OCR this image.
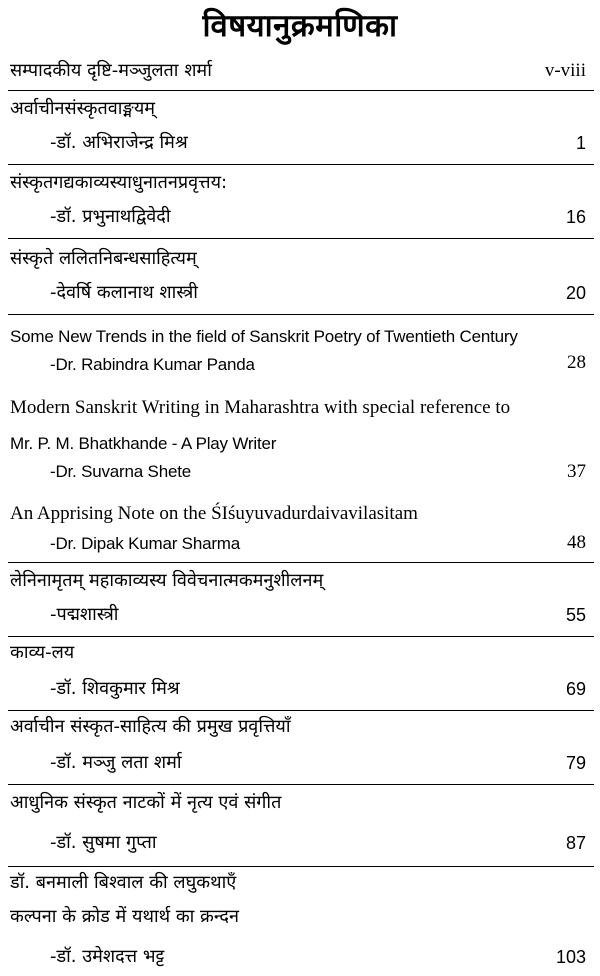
विषयानुक्रमणिका
सम्पादकीय दृष्टि-मञ्जुलता शर्मा	v-viii
अर्वाचीनसंस्कृतवाङ्मयम्
-डॉ. अभिराजेन्द्र मिश्र	1
संस्कृतगद्यकाव्यस्याधुनातनप्रवृत्तय:
-डॉ. प्रभुनाथद्विवेदी	16
संस्कृते ललितनिबन्धसाहित्यम्
-देवर्षि कलानाथ शास्त्री	20
Some New Trends in the field of Sanskrit Poetry of Twentieth Century
-Dr. Rabindra Kumar Panda	28
Modern Sanskrit Writing in Maharashtra with special reference to
Mr. P. M. Bhatkhande - A Play Writer
-Dr. Suvarna Shete	37
An Apprising Note on the ŚIśuyuvadurdaivavilasitam
-Dr. Dipak Kumar Sharma	48
लेनिनामृतम् महाकाव्यस्य विवेचनात्मकमनुशीलनम्
-पद्मशास्त्री	55
काव्य-लय
-डॉ. शिवकुमार मिश्र	69
अर्वाचीन संस्कृत-साहित्य की प्रमुख प्रवृत्तियाँ
-डॉ. मञ्जु लता शर्मा	79
आधुनिक संस्कृत नाटकों में नृत्य एवं संगीत
-डॉ. सुषमा गुप्ता	87
डॉ. बनमाली बिश्वाल की लघुकथाएँ
कल्पना के क्रोड में यथार्थ का क्रन्दन
-डॉ. उमेशदत्त भट्ट	103
